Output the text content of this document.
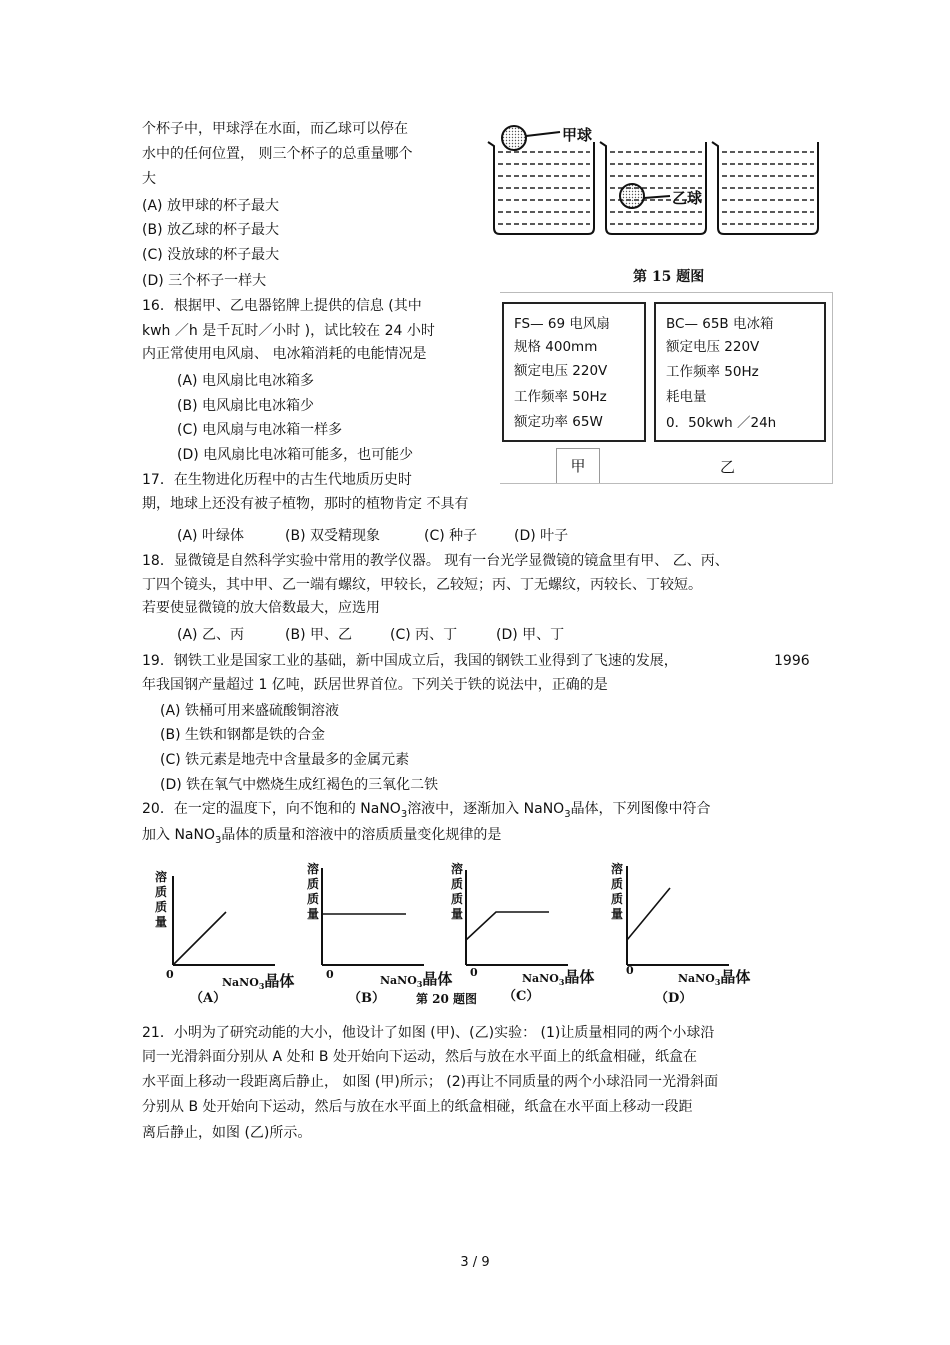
个杯子中，甲球浮在水面，而乙球可以停在
水中的任何位置， 则三个杯子的总重量哪个
大
(A) 放甲球的杯子最大
(B) 放乙球的杯子最大
(C) 没放球的杯子最大
(D) 三个杯子一样大
甲球
乙球
第 15 题图
16．根据甲、乙电器铭牌上提供的信息 (其中
kwh ／h 是千瓦时／小时 )，试比较在 24 小时
内正常使用电风扇、 电冰箱消耗的电能情况是
(A) 电风扇比电冰箱多
(B) 电风扇比电冰箱少
(C) 电风扇与电冰箱一样多
(D) 电风扇比电冰箱可能多，也可能少
FS— 69 电风扇
规格 400mm
额定电压 220V
工作频率 50Hz
额定功率 65W
BC— 65B 电冰箱
额定电压 220V
工作频率 50Hz
耗电量
0．50kwh ／24h
甲	乙
17．在生物进化历程中的古生代地质历史时
期，地球上还没有被子植物，那时的植物肯定 不具有
(A) 叶绿体	(B) 双受精现象	(C) 种子	(D) 叶子
18．显微镜是自然科学实验中常用的教学仪器。 现有一台光学显微镜的镜盒里有甲、 乙、丙、
丁四个镜头，其中甲、乙一端有螺纹，甲较长，乙较短；丙、丁无螺纹，丙较长、丁较短。
若要使显微镜的放大倍数最大，应选用
(A) 乙、丙	(B) 甲、乙	(C) 丙、丁	(D) 甲、丁
19．钢铁工业是国家工业的基础，新中国成立后，我国的钢铁工业得到了飞速的发展，	1996
年我国钢产量超过 1 亿吨，跃居世界首位。下列关于铁的说法中，正确的是
(A) 铁桶可用来盛硫酸铜溶液
(B) 生铁和钢都是铁的合金
(C) 铁元素是地壳中含量最多的金属元素
(D) 铁在氧气中燃烧生成红褐色的三氧化二铁
20．在一定的温度下，向不饱和的 NaNO$_3$溶液中，逐渐加入 NaNO$_3$晶体，下列图像中符合
加入 NaNO$_3$晶体的质量和溶液中的溶质质量变化规律的是
溶
质
质
量
0
NaNO$_3$晶体
（A）
溶
质
质
量
0	NaNO$_3$晶体
（B）	第 20 题图
溶
质
质
量
0	NaNO$_3$晶体
（C）
溶
质
质
量
0
NaNO$_3$晶体
（D）
21．小明为了研究动能的大小，他设计了如图 (甲)、(乙)实验： (1)让质量相同的两个小球沿
同一光滑斜面分别从 A 处和 B 处开始向下运动，然后与放在水平面上的纸盒相碰，纸盒在
水平面上移动一段距离后静止， 如图 (甲)所示； (2)再让不同质量的两个小球沿同一光滑斜面
分别从 B 处开始向下运动，然后与放在水平面上的纸盒相碰，纸盒在水平面上移动一段距
离后静止，如图 (乙)所示。
3 / 9
